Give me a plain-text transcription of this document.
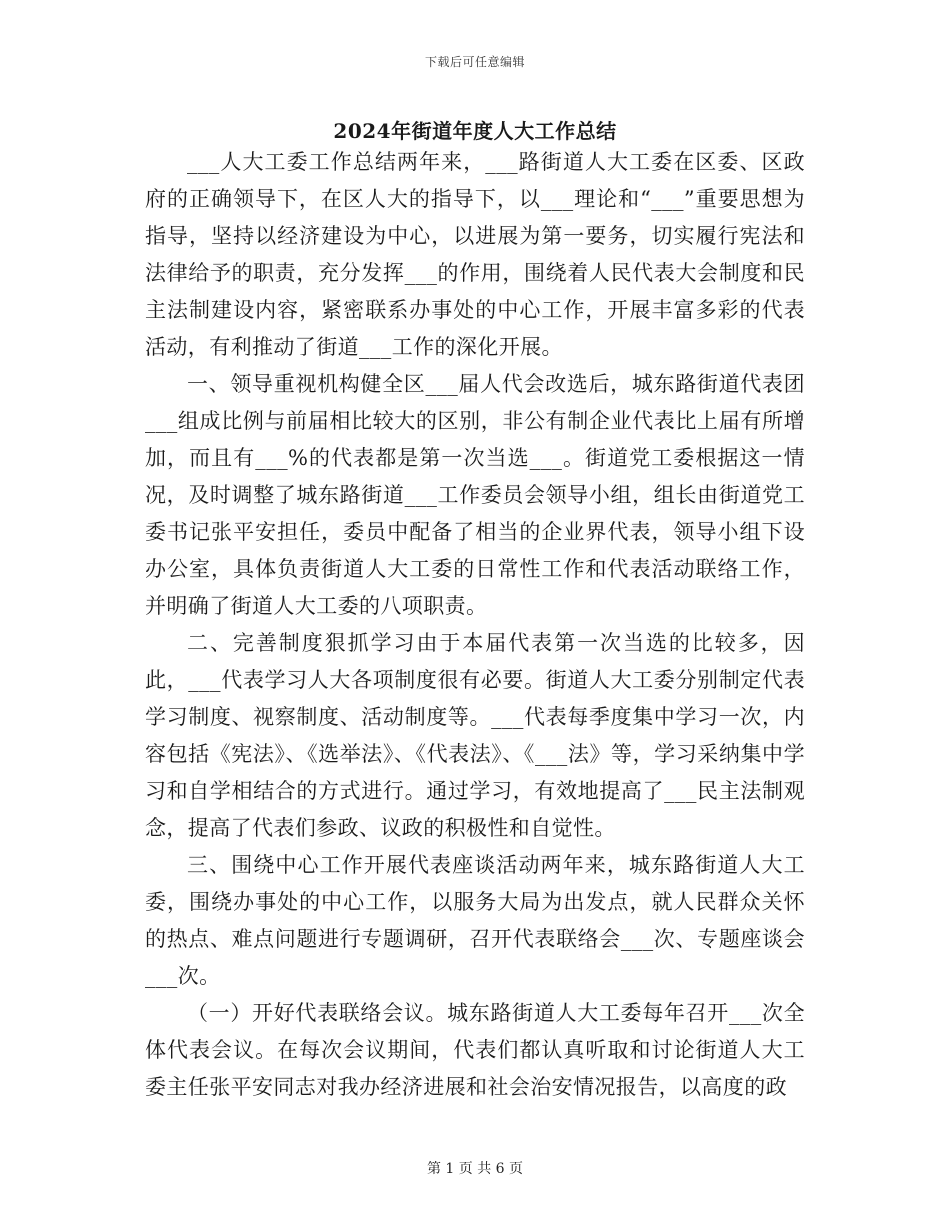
下载后可任意编辑
2024年街道年度人大工作总结

___人大工委工作总结两年来，___路街道人大工委在区委、区政府的正确领导下，在区人大的指导下，以___理论和“___”重要思想为指导，坚持以经济建设为中心，以进展为第一要务，切实履行宪法和法律给予的职责，充分发挥___的作用，围绕着人民代表大会制度和民主法制建设内容，紧密联系办事处的中心工作，开展丰富多彩的代表活动，有利推动了街道___工作的深化开展。

一、领导重视机构健全区___届人代会改选后，城东路街道代表团___组成比例与前届相比较大的区别，非公有制企业代表比上届有所增加，而且有___%的代表都是第一次当选___。街道党工委根据这一情况，及时调整了城东路街道___工作委员会领导小组，组长由街道党工委书记张平安担任，委员中配备了相当的企业界代表，领导小组下设办公室，具体负责街道人大工委的日常性工作和代表活动联络工作，并明确了街道人大工委的八项职责。

二、完善制度狠抓学习由于本届代表第一次当选的比较多，因此，___代表学习人大各项制度很有必要。街道人大工委分别制定代表学习制度、视察制度、活动制度等。___代表每季度集中学习一次，内容包括《宪法》、《选举法》、《代表法》、《___法》等，学习采纳集中学习和自学相结合的方式进行。通过学习，有效地提高了___民主法制观念，提高了代表们参政、议政的积极性和自觉性。

三、围绕中心工作开展代表座谈活动两年来，城东路街道人大工委，围绕办事处的中心工作，以服务大局为出发点，就人民群众关怀的热点、难点问题进行专题调研，召开代表联络会___次、专题座谈会___次。

（一）开好代表联络会议。城东路街道人大工委每年召开___次全体代表会议。在每次会议期间，代表们都认真听取和讨论街道人大工委主任张平安同志对我办经济进展和社会治安情况报告，以高度的政

第 1 页 共 6 页
